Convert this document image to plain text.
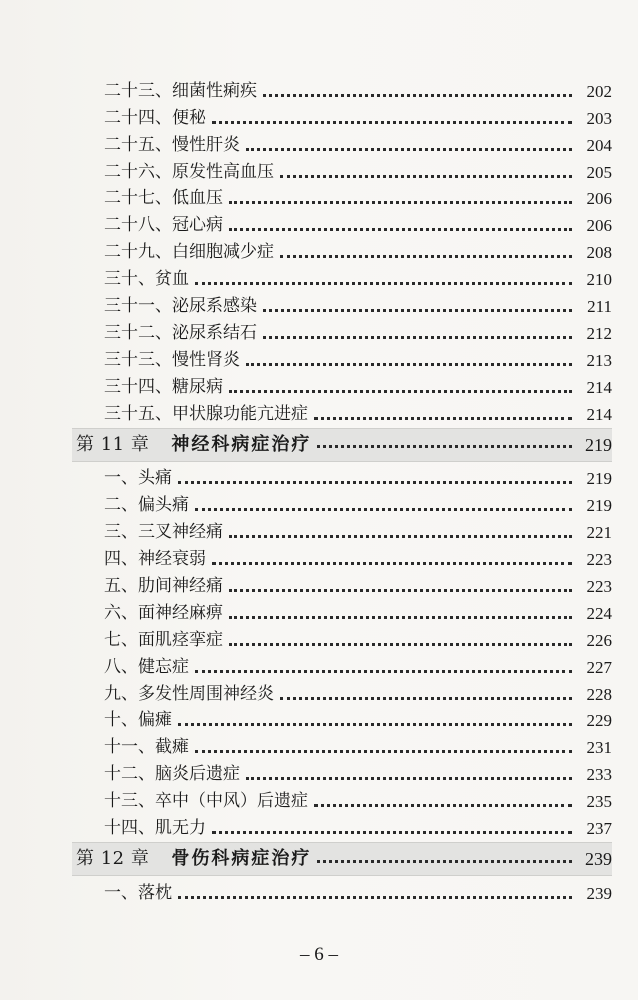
二十三、细菌性痢疾	202
二十四、便秘	203
二十五、慢性肝炎	204
二十六、原发性高血压	205
二十七、低血压	206
二十八、冠心病	206
二十九、白细胞减少症	208
三十、贫血	210
三十一、泌尿系感染	211
三十二、泌尿系结石	212
三十三、慢性肾炎	213
三十四、糖尿病	214
三十五、甲状腺功能亢进症	214
第 11 章 神经科病症治疗	219
一、头痛	219
二、偏头痛	219
三、三叉神经痛	221
四、神经衰弱	223
五、肋间神经痛	223
六、面神经麻痹	224
七、面肌痉挛症	226
八、健忘症	227
九、多发性周围神经炎	228
十、偏瘫	229
十一、截瘫	231
十二、脑炎后遗症	233
十三、卒中（中风）后遗症	235
十四、肌无力	237
第 12 章 骨伤科病症治疗	239
一、落枕	239
– 6 –
